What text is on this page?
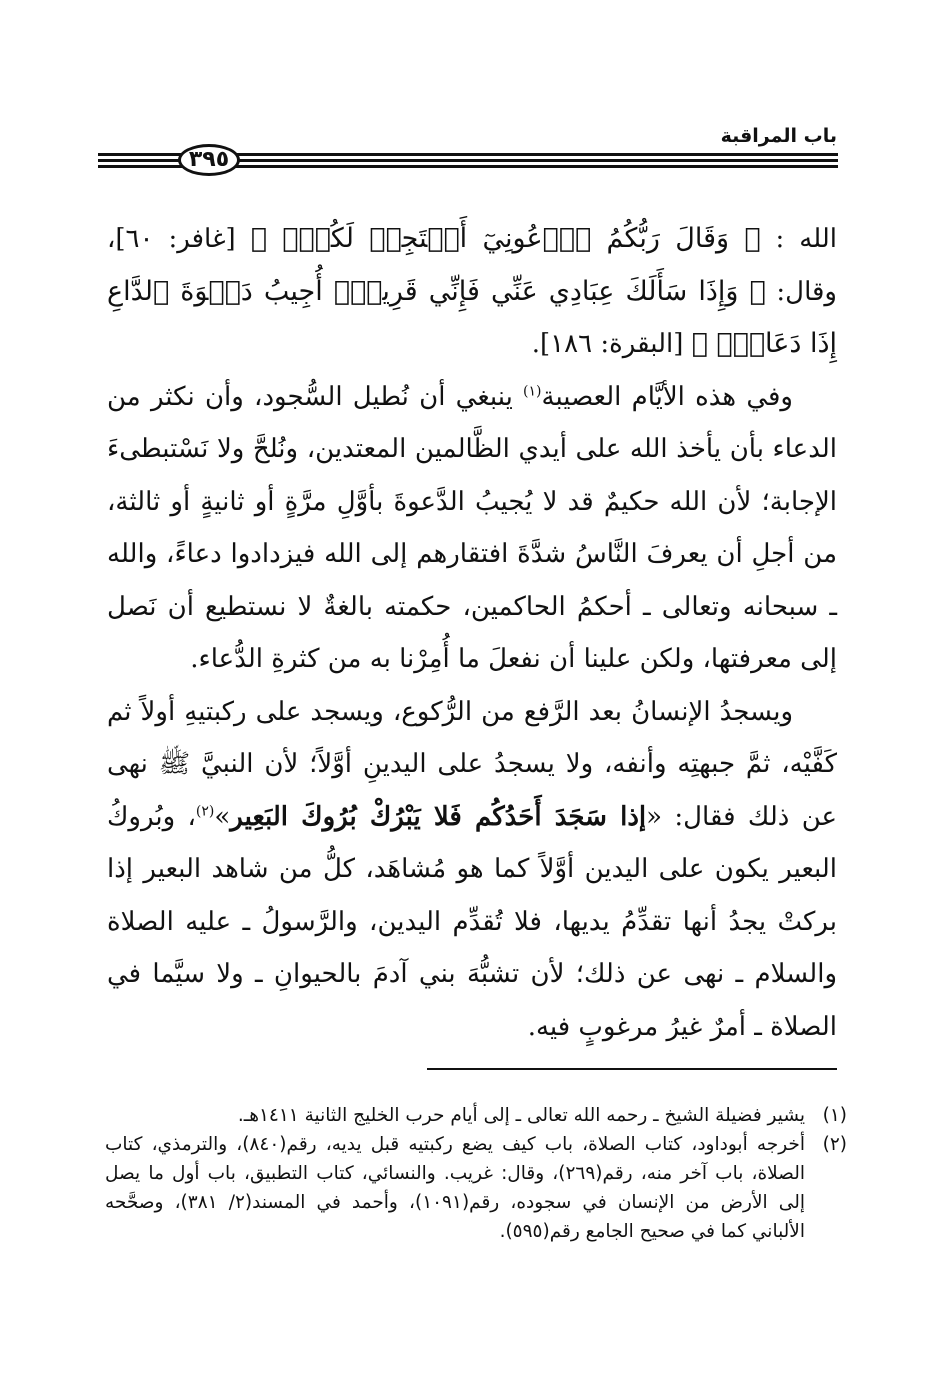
باب المراقبة
٣٩٥

الله : ﴿ وَقَالَ رَبُّكُمُ ٱدۡعُونِيٓ أَسۡتَجِبۡ لَكُمۡۚ ﴾ [غافر: ٦٠]، وقال: ﴿ وَإِذَا سَأَلَكَ عِبَادِي عَنِّي فَإِنِّي قَرِيبٌۖ أُجِيبُ دَعۡوَةَ ٱلدَّاعِ إِذَا دَعَانِۖ ﴾ [البقرة: ١٨٦].

وفي هذه الأيَّام العصيبة$^{(١)}$ ينبغي أن نُطيل السُّجود، وأن نكثر من الدعاء بأن يأخذ الله على أيدي الظَّالمين المعتدين، ونُلحَّ ولا نَسْتبطىءَ الإجابة؛ لأن الله حكيمٌ قد لا يُجيبُ الدَّعوةَ بأوَّلِ مرَّةٍ أو ثانيةٍ أو ثالثة، من أجلِ أن يعرفَ النَّاسُ شدَّةَ افتقارهم إلى الله فيزدادوا دعاءً، والله ـ سبحانه وتعالى ـ أحكمُ الحاكمين، حكمته بالغةٌ لا نستطيع أن نَصل إلى معرفتها، ولكن علينا أن نفعلَ ما أُمِرْنا به من كثرةِ الدُّعاء.

ويسجدُ الإنسانُ بعد الرَّفع من الرُّكوع، ويسجد على ركبتيهِ أولاً ثم كَفَّيْه، ثمَّ جبهتِه وأنفه، ولا يسجدُ على اليدينِ أوَّلاً؛ لأن النبيَّ ﷺ نهى عن ذلك فقال: «إذا سَجَدَ أَحَدُكُم فَلا يَبْرُكْ بُرُوكَ البَعِير»$^{(٢)}$، وبُروكُ البعير يكون على اليدين أوَّلاً كما هو مُشاهَد، كلُّ من شاهد البعير إذا بركتْ يجدُ أنها تقدِّمُ يديها، فلا تُقدِّم اليدين، والرَّسولُ ـ عليه الصلاة والسلام ـ نهى عن ذلك؛ لأن تشبُّهَ بني آدمَ بالحيوانِ ـ ولا سيَّما في الصلاة ـ أمرٌ غيرُ مرغوبٍ فيه.

(١)
يشير فضيلة الشيخ ـ رحمه الله تعالى ـ إلى أيام حرب الخليج الثانية ١٤١١هـ.
(٢)
أخرجه أبوداود، كتاب الصلاة، باب كيف يضع ركبتيه قبل يديه، رقم(٨٤٠)، والترمذي، كتاب الصلاة، باب آخر منه، رقم(٢٦٩)، وقال: غريب. والنسائي، كتاب التطبيق، باب أول ما يصل إلى الأرض من الإنسان في سجوده، رقم(١٠٩١)، وأحمد في المسند(٢/ ٣٨١)، وصحَّحه الألباني كما في صحيح الجامع رقم(٥٩٥).
